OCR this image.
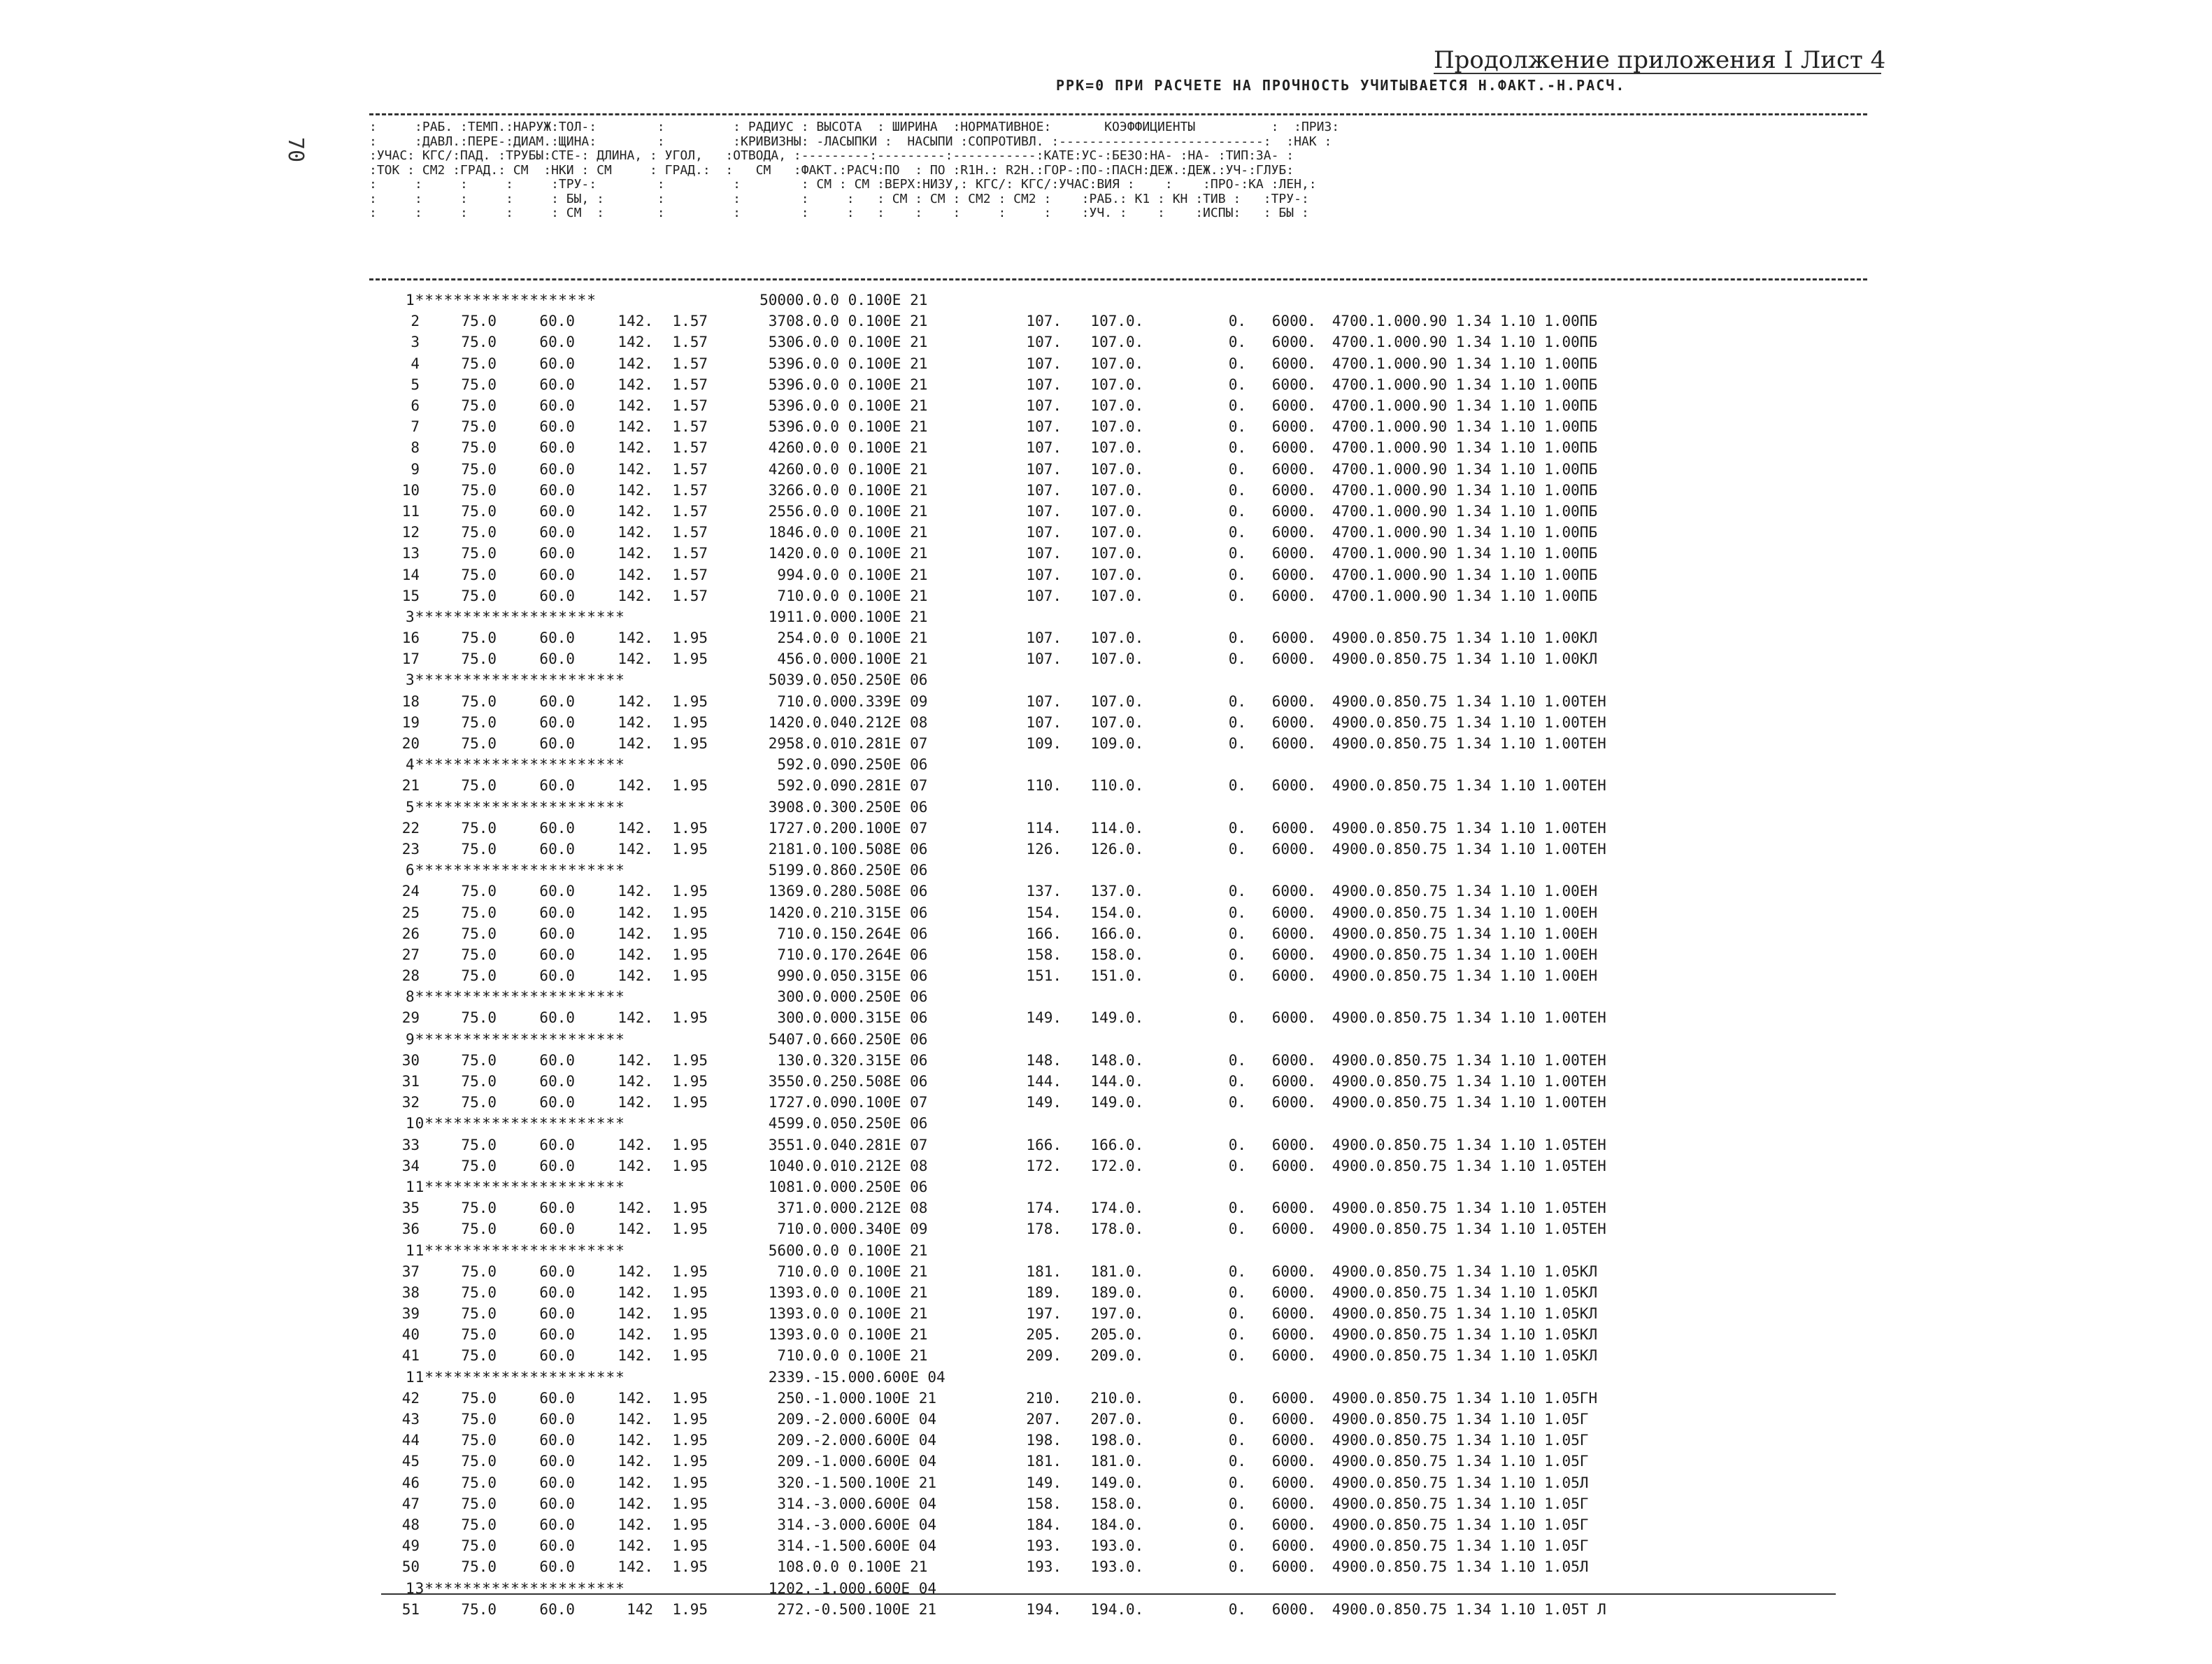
Продолжение приложения I Лист 4
РРК=0 ПРИ РАСЧЕТЕ НА ПРОЧНОСТЬ УЧИТЫВАЕТСЯ Н.ФАКТ.-Н.РАСЧ.
70
:     :РАБ. :ТЕМП.:НАРУЖ:ТОЛ-:        :         : РАДИУС : ВЫСОТА  : ШИРИНА  :НОРМАТИВНОЕ:       КОЭФФИЦИЕНТЫ          :  :ПРИЗ:
:     :ДАВЛ.:ПЕРЕ-:ДИАМ.:ЩИНА:        :         :КРИВИЗНЫ: -ЛАСЫПКИ :  НАСЫПИ :СОПРОТИВЛ. :---------------------------:  :НАК :
:УЧАС: КГС/:ПАД. :ТРУБЫ:СТЕ-: ДЛИНА, : УГОЛ,   :ОТВОДА, :---------:---------:-----------:КАТЕ:УС-:БЕЗО:НА- :НА- :ТИП:ЗА- :
:ТОК : СМ2 :ГРАД.: СМ  :НКИ : СМ     : ГРАД.:  :   СМ   :ФАКТ.:РАСЧ:ПО  : ПО :R1Н.: R2Н.:ГОР-:ПО-:ПАСН:ДЕЖ.:ДЕЖ.:УЧ-:ГЛУБ:
:     :     :     :     :ТРУ-:        :         :        : СМ : СМ :ВЕРХ:НИЗУ,: КГС/: КГС/:УЧАС:ВИЯ :    :    :ПРО-:КА :ЛЕН,:
:     :     :     :     : БЫ, :       :         :        :     :   : СМ : СМ : СМ2 : СМ2 :    :РАБ.: К1 : КН :ТИВ :   :ТРУ-:
:     :     :     :     : СМ  :       :         :        :     :   :    :    :     :     :    :УЧ. :    :    :ИСПЫ:   : БЫ :
1*******************					50000.	0.0 0.100E 21								
2	75.0	60.0	142.	1.57	3708.	0.0 0.100E 21	107.	107.	0.	0.	6000.	4700.	1.000.90 1.34 1.10 1.00	ПБ
3	75.0	60.0	142.	1.57	5306.	0.0 0.100E 21	107.	107.	0.	0.	6000.	4700.	1.000.90 1.34 1.10 1.00	ПБ
4	75.0	60.0	142.	1.57	5396.	0.0 0.100E 21	107.	107.	0.	0.	6000.	4700.	1.000.90 1.34 1.10 1.00	ПБ
5	75.0	60.0	142.	1.57	5396.	0.0 0.100E 21	107.	107.	0.	0.	6000.	4700.	1.000.90 1.34 1.10 1.00	ПБ
6	75.0	60.0	142.	1.57	5396.	0.0 0.100E 21	107.	107.	0.	0.	6000.	4700.	1.000.90 1.34 1.10 1.00	ПБ
7	75.0	60.0	142.	1.57	5396.	0.0 0.100E 21	107.	107.	0.	0.	6000.	4700.	1.000.90 1.34 1.10 1.00	ПБ
8	75.0	60.0	142.	1.57	4260.	0.0 0.100E 21	107.	107.	0.	0.	6000.	4700.	1.000.90 1.34 1.10 1.00	ПБ
9	75.0	60.0	142.	1.57	4260.	0.0 0.100E 21	107.	107.	0.	0.	6000.	4700.	1.000.90 1.34 1.10 1.00	ПБ
10	75.0	60.0	142.	1.57	3266.	0.0 0.100E 21	107.	107.	0.	0.	6000.	4700.	1.000.90 1.34 1.10 1.00	ПБ
11	75.0	60.0	142.	1.57	2556.	0.0 0.100E 21	107.	107.	0.	0.	6000.	4700.	1.000.90 1.34 1.10 1.00	ПБ
12	75.0	60.0	142.	1.57	1846.	0.0 0.100E 21	107.	107.	0.	0.	6000.	4700.	1.000.90 1.34 1.10 1.00	ПБ
13	75.0	60.0	142.	1.57	1420.	0.0 0.100E 21	107.	107.	0.	0.	6000.	4700.	1.000.90 1.34 1.10 1.00	ПБ
14	75.0	60.0	142.	1.57	994.	0.0 0.100E 21	107.	107.	0.	0.	6000.	4700.	1.000.90 1.34 1.10 1.00	ПБ
15	75.0	60.0	142.	1.57	710.	0.0 0.100E 21	107.	107.	0.	0.	6000.	4700.	1.000.90 1.34 1.10 1.00	ПБ
3**********************					1911.	0.000.100E 21								
16	75.0	60.0	142.	1.95	254.	0.0 0.100E 21	107.	107.	0.	0.	6000.	4900.	0.850.75 1.34 1.10 1.00	КЛ
17	75.0	60.0	142.	1.95	456.	0.000.100E 21	107.	107.	0.	0.	6000.	4900.	0.850.75 1.34 1.10 1.00	КЛ
3**********************					5039.	0.050.250E 06								
18	75.0	60.0	142.	1.95	710.	0.000.339E 09	107.	107.	0.	0.	6000.	4900.	0.850.75 1.34 1.10 1.00	ТЕН
19	75.0	60.0	142.	1.95	1420.	0.040.212E 08	107.	107.	0.	0.	6000.	4900.	0.850.75 1.34 1.10 1.00	ТЕН
20	75.0	60.0	142.	1.95	2958.	0.010.281E 07	109.	109.	0.	0.	6000.	4900.	0.850.75 1.34 1.10 1.00	ТЕН
4**********************					592.	0.090.250E 06								
21	75.0	60.0	142.	1.95	592.	0.090.281E 07	110.	110.	0.	0.	6000.	4900.	0.850.75 1.34 1.10 1.00	ТЕН
5**********************					3908.	0.300.250E 06								
22	75.0	60.0	142.	1.95	1727.	0.200.100E 07	114.	114.	0.	0.	6000.	4900.	0.850.75 1.34 1.10 1.00	ТЕН
23	75.0	60.0	142.	1.95	2181.	0.100.508E 06	126.	126.	0.	0.	6000.	4900.	0.850.75 1.34 1.10 1.00	ТЕН
6**********************					5199.	0.860.250E 06								
24	75.0	60.0	142.	1.95	1369.	0.280.508E 06	137.	137.	0.	0.	6000.	4900.	0.850.75 1.34 1.10 1.00	ЕН
25	75.0	60.0	142.	1.95	1420.	0.210.315E 06	154.	154.	0.	0.	6000.	4900.	0.850.75 1.34 1.10 1.00	ЕН
26	75.0	60.0	142.	1.95	710.	0.150.264E 06	166.	166.	0.	0.	6000.	4900.	0.850.75 1.34 1.10 1.00	ЕН
27	75.0	60.0	142.	1.95	710.	0.170.264E 06	158.	158.	0.	0.	6000.	4900.	0.850.75 1.34 1.10 1.00	ЕН
28	75.0	60.0	142.	1.95	990.	0.050.315E 06	151.	151.	0.	0.	6000.	4900.	0.850.75 1.34 1.10 1.00	ЕН
8**********************					300.	0.000.250E 06								
29	75.0	60.0	142.	1.95	300.	0.000.315E 06	149.	149.	0.	0.	6000.	4900.	0.850.75 1.34 1.10 1.00	ТЕН
9**********************					5407.	0.660.250E 06								
30	75.0	60.0	142.	1.95	130.	0.320.315E 06	148.	148.	0.	0.	6000.	4900.	0.850.75 1.34 1.10 1.00	ТЕН
31	75.0	60.0	142.	1.95	3550.	0.250.508E 06	144.	144.	0.	0.	6000.	4900.	0.850.75 1.34 1.10 1.00	ТЕН
32	75.0	60.0	142.	1.95	1727.	0.090.100E 07	149.	149.	0.	0.	6000.	4900.	0.850.75 1.34 1.10 1.00	ТЕН
10*********************					4599.	0.050.250E 06								
33	75.0	60.0	142.	1.95	3551.	0.040.281E 07	166.	166.	0.	0.	6000.	4900.	0.850.75 1.34 1.10 1.05	ТЕН
34	75.0	60.0	142.	1.95	1040.	0.010.212E 08	172.	172.	0.	0.	6000.	4900.	0.850.75 1.34 1.10 1.05	ТЕН
11*********************					1081.	0.000.250E 06								
35	75.0	60.0	142.	1.95	371.	0.000.212E 08	174.	174.	0.	0.	6000.	4900.	0.850.75 1.34 1.10 1.05	ТЕН
36	75.0	60.0	142.	1.95	710.	0.000.340E 09	178.	178.	0.	0.	6000.	4900.	0.850.75 1.34 1.10 1.05	ТЕН
11*********************					5600.	0.0 0.100E 21								
37	75.0	60.0	142.	1.95	710.	0.0 0.100E 21	181.	181.	0.	0.	6000.	4900.	0.850.75 1.34 1.10 1.05	КЛ
38	75.0	60.0	142.	1.95	1393.	0.0 0.100E 21	189.	189.	0.	0.	6000.	4900.	0.850.75 1.34 1.10 1.05	КЛ
39	75.0	60.0	142.	1.95	1393.	0.0 0.100E 21	197.	197.	0.	0.	6000.	4900.	0.850.75 1.34 1.10 1.05	КЛ
40	75.0	60.0	142.	1.95	1393.	0.0 0.100E 21	205.	205.	0.	0.	6000.	4900.	0.850.75 1.34 1.10 1.05	КЛ
41	75.0	60.0	142.	1.95	710.	0.0 0.100E 21	209.	209.	0.	0.	6000.	4900.	0.850.75 1.34 1.10 1.05	КЛ
11*********************					2339.	-15.000.600E 04								
42	75.0	60.0	142.	1.95	250.	-1.000.100E 21	210.	210.	0.	0.	6000.	4900.	0.850.75 1.34 1.10 1.05	ГН
43	75.0	60.0	142.	1.95	209.	-2.000.600E 04	207.	207.	0.	0.	6000.	4900.	0.850.75 1.34 1.10 1.05	Г
44	75.0	60.0	142.	1.95	209.	-2.000.600E 04	198.	198.	0.	0.	6000.	4900.	0.850.75 1.34 1.10 1.05	Г
45	75.0	60.0	142.	1.95	209.	-1.000.600E 04	181.	181.	0.	0.	6000.	4900.	0.850.75 1.34 1.10 1.05	Г
46	75.0	60.0	142.	1.95	320.	-1.500.100E 21	149.	149.	0.	0.	6000.	4900.	0.850.75 1.34 1.10 1.05	Л
47	75.0	60.0	142.	1.95	314.	-3.000.600E 04	158.	158.	0.	0.	6000.	4900.	0.850.75 1.34 1.10 1.05	Г
48	75.0	60.0	142.	1.95	314.	-3.000.600E 04	184.	184.	0.	0.	6000.	4900.	0.850.75 1.34 1.10 1.05	Г
49	75.0	60.0	142.	1.95	314.	-1.500.600E 04	193.	193.	0.	0.	6000.	4900.	0.850.75 1.34 1.10 1.05	Г
50	75.0	60.0	142.	1.95	108.	0.0 0.100E 21	193.	193.	0.	0.	6000.	4900.	0.850.75 1.34 1.10 1.05	Л
13*********************					1202.	-1.000.600E 04								
51	75.0	60.0	142	1.95	272.	-0.500.100E 21	194.	194.	0.	0.	6000.	4900.	0.850.75 1.34 1.10 1.05	Т Л
